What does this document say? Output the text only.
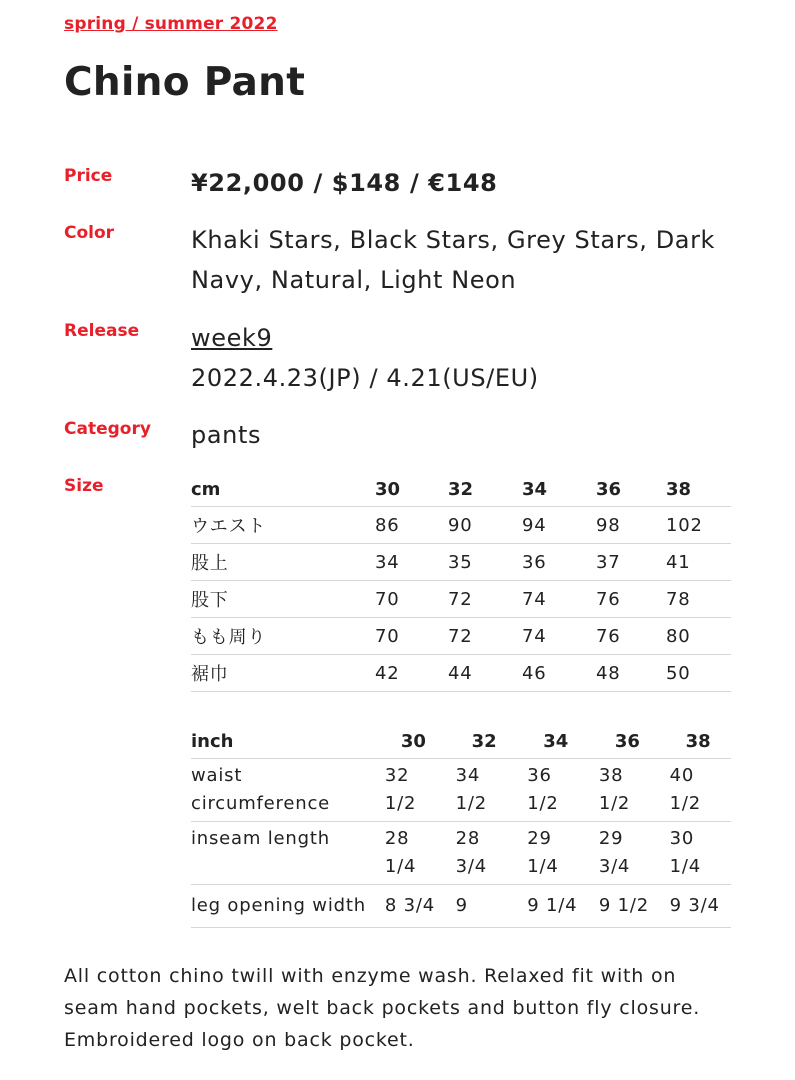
spring / summer 2022
Chino Pant
Price	¥22,000 / $148 / €148
Color	Khaki Stars, Black Stars, Grey Stars, Dark Navy, Natural, Light Neon
Release week9
2022.4.23(JP) / 4.21(US/EU)
Category pants
Size	cm	30	32	34	36	38
ウエスト	86	90	94	98	102
股上	34	35	36	37	41
股下	70	72	74	76	78
もも周り	70	72	74	76	80
裾巾	42	44	46	48	50
inch	30	32	34	36	38
waist circumference	32 1/2	34 1/2	36 1/2	38 1/2	40 1/2
inseam length	28 1/4	28 3/4	29 1/4	29 3/4	30 1/4
leg opening width	8 3/4	9	9 1/4	9 1/2	9 3/4

All cotton chino twill with enzyme wash. Relaxed fit with on seam hand pockets, welt back pockets and button fly closure. Embroidered logo on back pocket.
